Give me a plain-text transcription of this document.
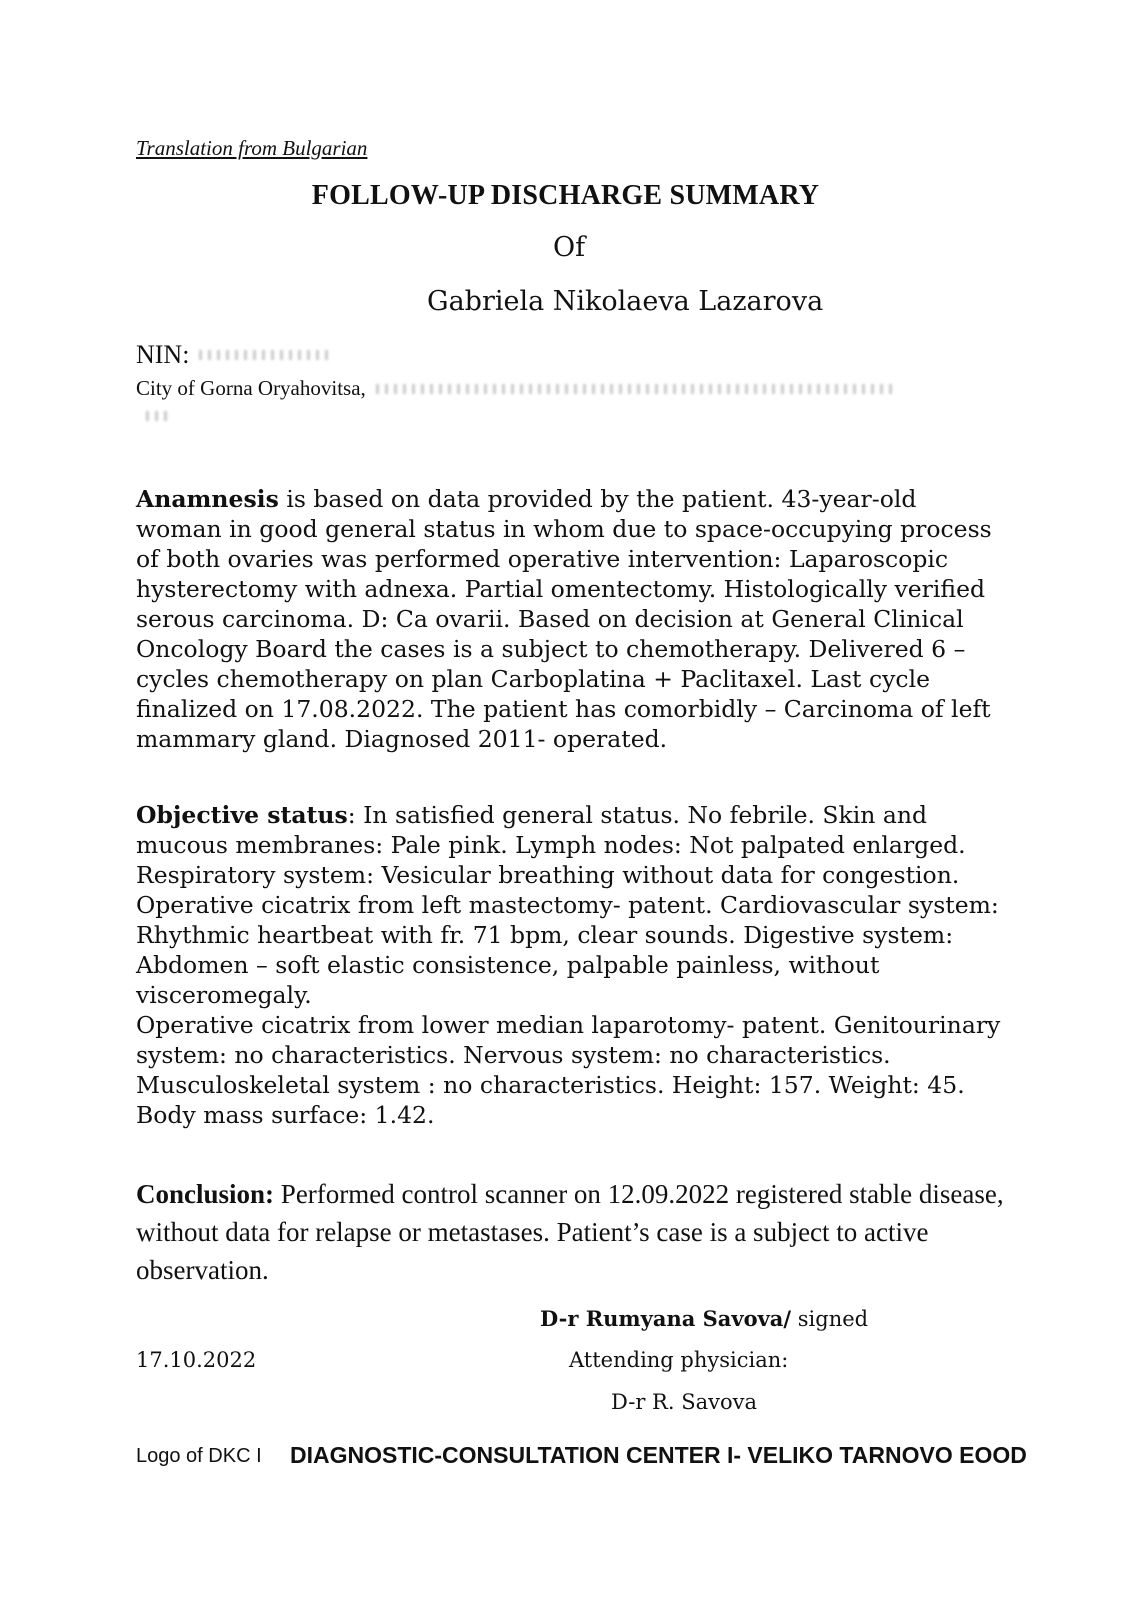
Translation from Bulgarian
FOLLOW-UP DISCHARGE SUMMARY
Of
Gabriela Nikolaeva Lazarova
NIN:
City of Gorna Oryahovitsa,

Anamnesis is based on data provided by the patient. 43-year-old woman in good general status in whom due to space-occupying process of both ovaries was performed operative intervention: Laparoscopic hysterectomy with adnexa. Partial omentectomy. Histologically verified serous carcinoma. D: Ca ovarii. Based on decision at General Clinical Oncology Board the cases is a subject to chemotherapy. Delivered 6 – cycles chemotherapy on plan Carboplatina + Paclitaxel. Last cycle finalized on 17.08.2022. The patient has comorbidly – Carcinoma of left mammary gland. Diagnosed 2011- operated.

Objective status: In satisfied general status. No febrile. Skin and mucous membranes: Pale pink. Lymph nodes: Not palpated enlarged. Respiratory system: Vesicular breathing without data for congestion. Operative cicatrix from left mastectomy- patent. Cardiovascular system: Rhythmic heartbeat with fr. 71 bpm, clear sounds. Digestive system: Abdomen – soft elastic consistence, palpable painless, without visceromegaly.
Operative cicatrix from lower median laparotomy- patent. Genitourinary system: no characteristics. Nervous system: no characteristics. Musculoskeletal system : no characteristics. Height: 157. Weight: 45. Body mass surface: 1.42.

Conclusion: Performed control scanner on 12.09.2022 registered stable disease, without data for relapse or metastases. Patient’s case is a subject to active observation.

D-r Rumyana Savova/ signed
17.10.2022	Attending physician:
D-r R. Savova
Logo of DKC I DIAGNOSTIC-CONSULTATION CENTER I- VELIKO TARNOVO EOOD
